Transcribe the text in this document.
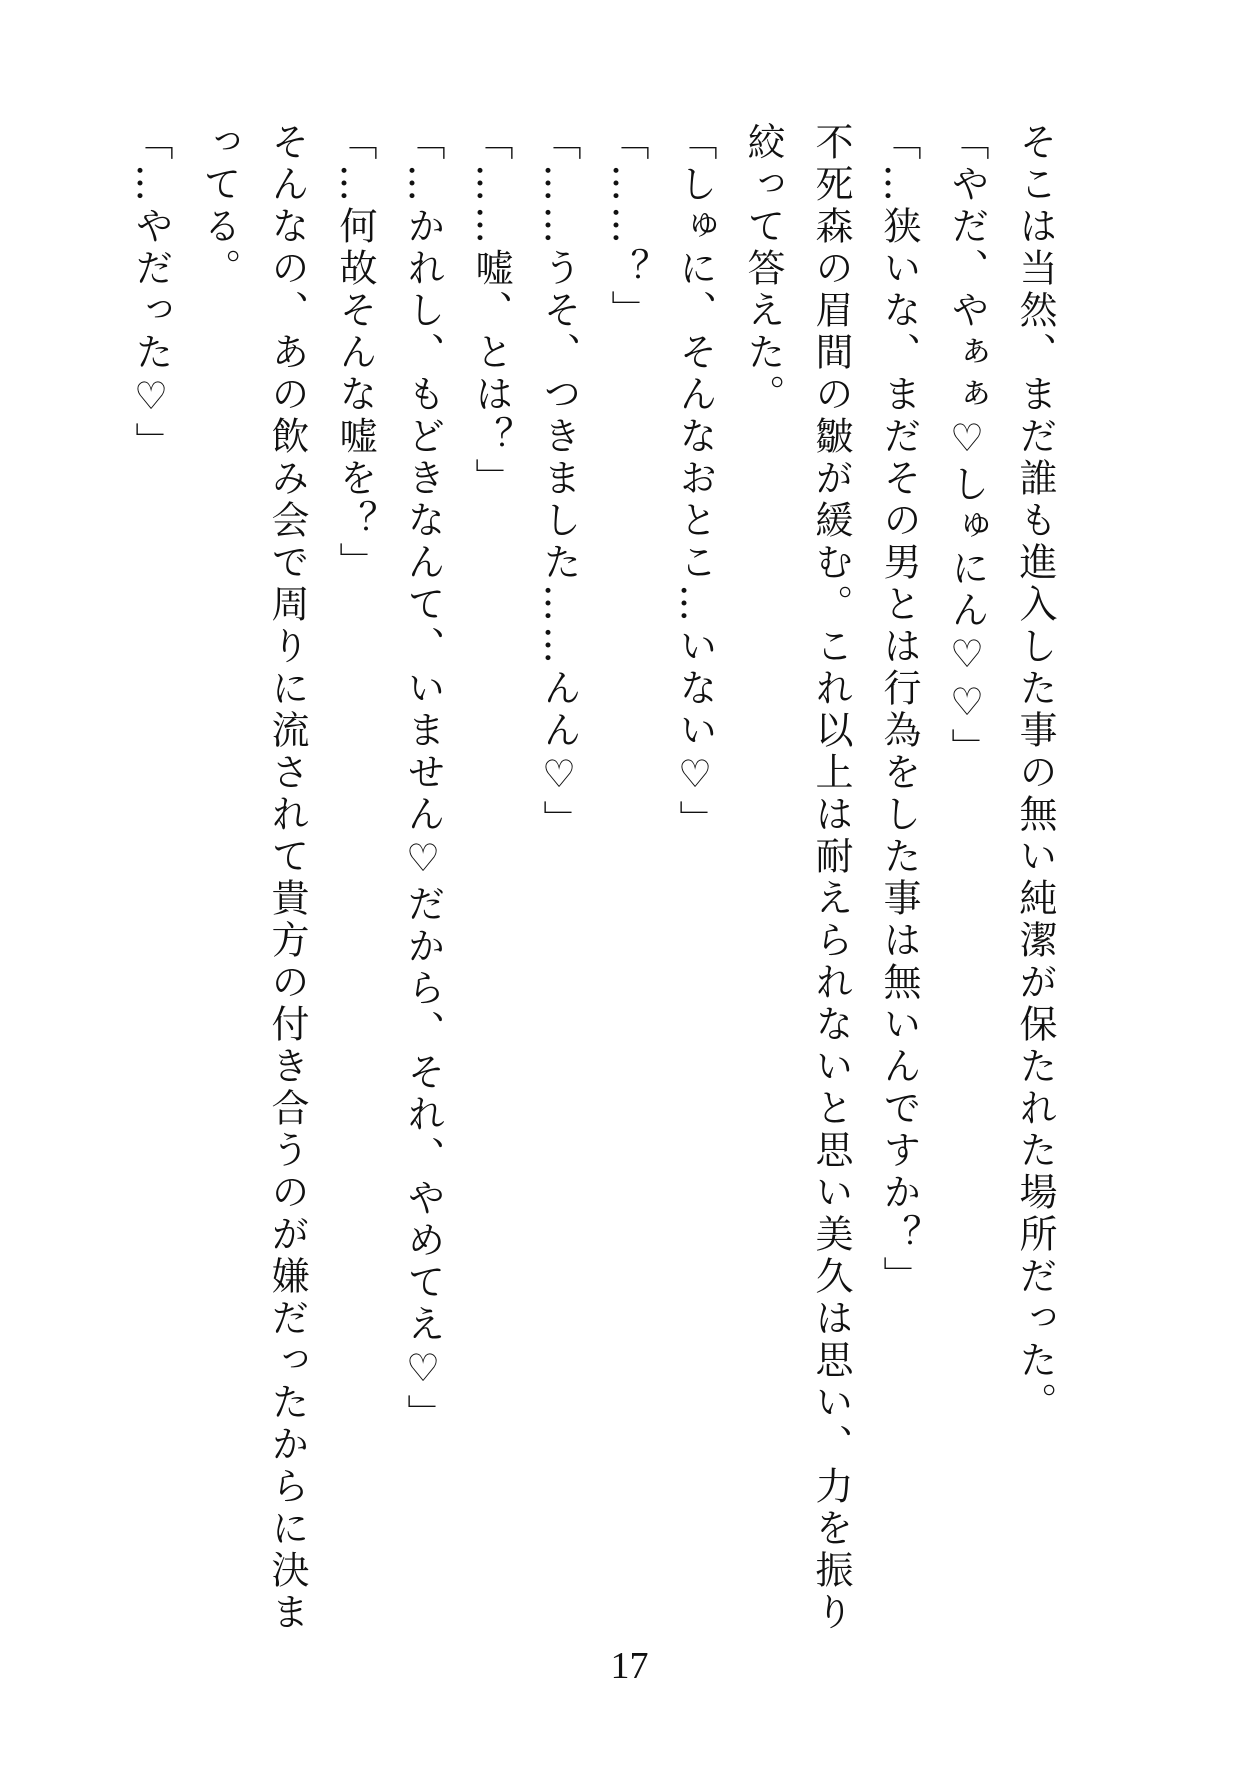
そこは当然、まだ誰も進入した事の無い純潔が保たれた場所だった。
「やだ、やぁぁ♡しゅにん♡♡」
「…狭いな、まだその男とは行為をした事は無いんですか？」
不死森の眉間の皺が緩む。これ以上は耐えられないと思い美久は思い、力を振り
絞って答えた。
「しゅに、そんなおとこ…いない♡」
「……？」
「……うそ、つきました……んん♡」
「……嘘、とは？」
「…かれし、もどきなんて、いません♡だから、それ、やめてえ♡」
「…何故そんな嘘を？」
そんなの、あの飲み会で周りに流されて貴方の付き合うのが嫌だったからに決ま
ってる。
「…やだった♡」
17
